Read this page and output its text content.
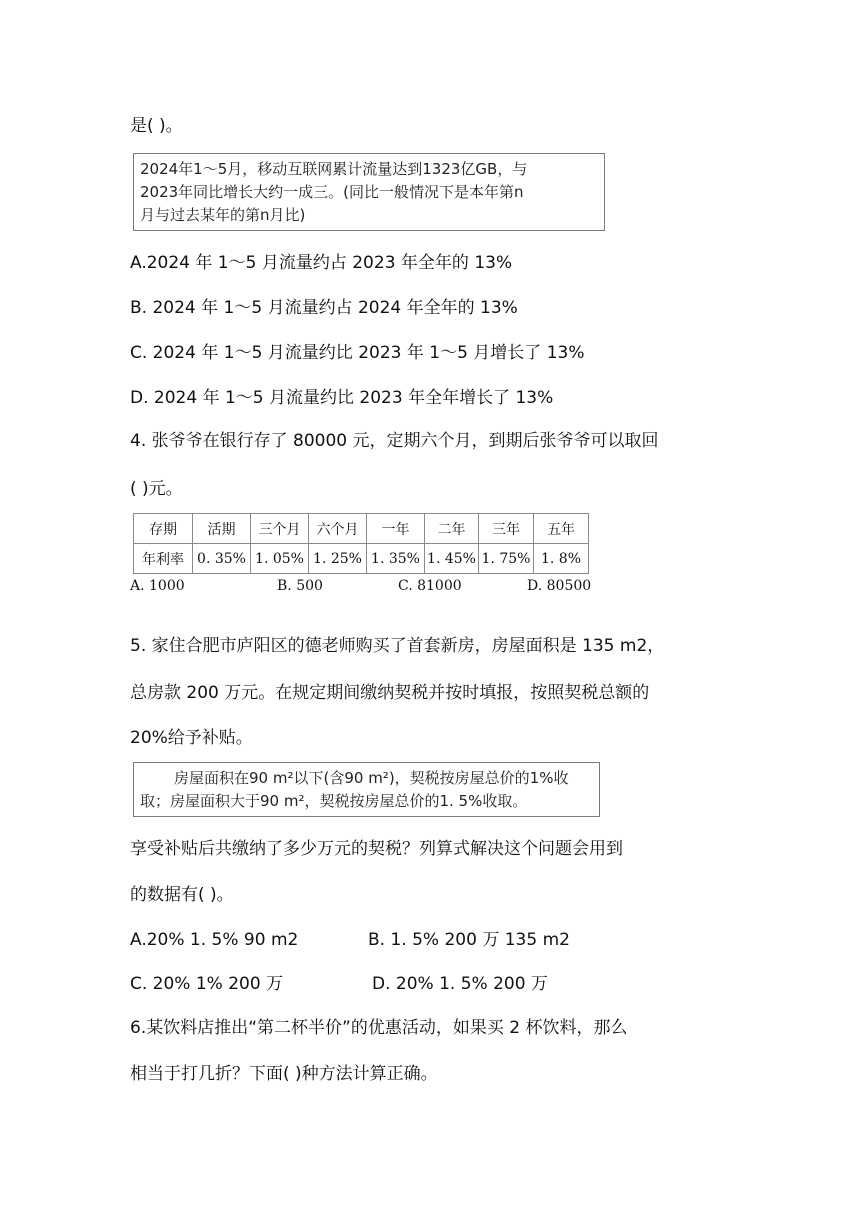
是( )。
2024年1～5月，移动互联网累计流量达到1323亿GB，与
2023年同比增长大约一成三。(同比一般情况下是本年第n
月与过去某年的第n月比)
A.2024 年 1～5 月流量约占 2023 年全年的 13%
B. 2024 年 1～5 月流量约占 2024 年全年的 13%
C. 2024 年 1～5 月流量约比 2023 年 1～5 月增长了 13%
D. 2024 年 1～5 月流量约比 2023 年全年增长了 13%
4. 张爷爷在银行存了 80000 元，定期六个月，到期后张爷爷可以取回
( )元。
存期	活期	三个月	六个月	一年	二年	三年	五年
年利率	0. 35%	1. 05%	1. 25%	1. 35%	1. 45%	1. 75%	1. 8%
A. 1000	B. 500	C. 81000	D. 80500
5. 家住合肥市庐阳区的德老师购买了首套新房，房屋面积是 135 m2，
总房款 200 万元。在规定期间缴纳契税并按时填报，按照契税总额的
20%给予补贴。
房屋面积在90 m²以下(含90 m²)，契税按房屋总价的1%收
取；房屋面积大于90 m²，契税按房屋总价的1. 5%收取。
享受补贴后共缴纳了多少万元的契税？列算式解决这个问题会用到
的数据有( )。
A.20% 1. 5% 90 m2	B. 1. 5% 200 万 135 m2
C. 20% 1% 200 万	D. 20% 1. 5% 200 万
6.某饮料店推出“第二杯半价”的优惠活动，如果买 2 杯饮料，那么
相当于打几折？下面( )种方法计算正确。
